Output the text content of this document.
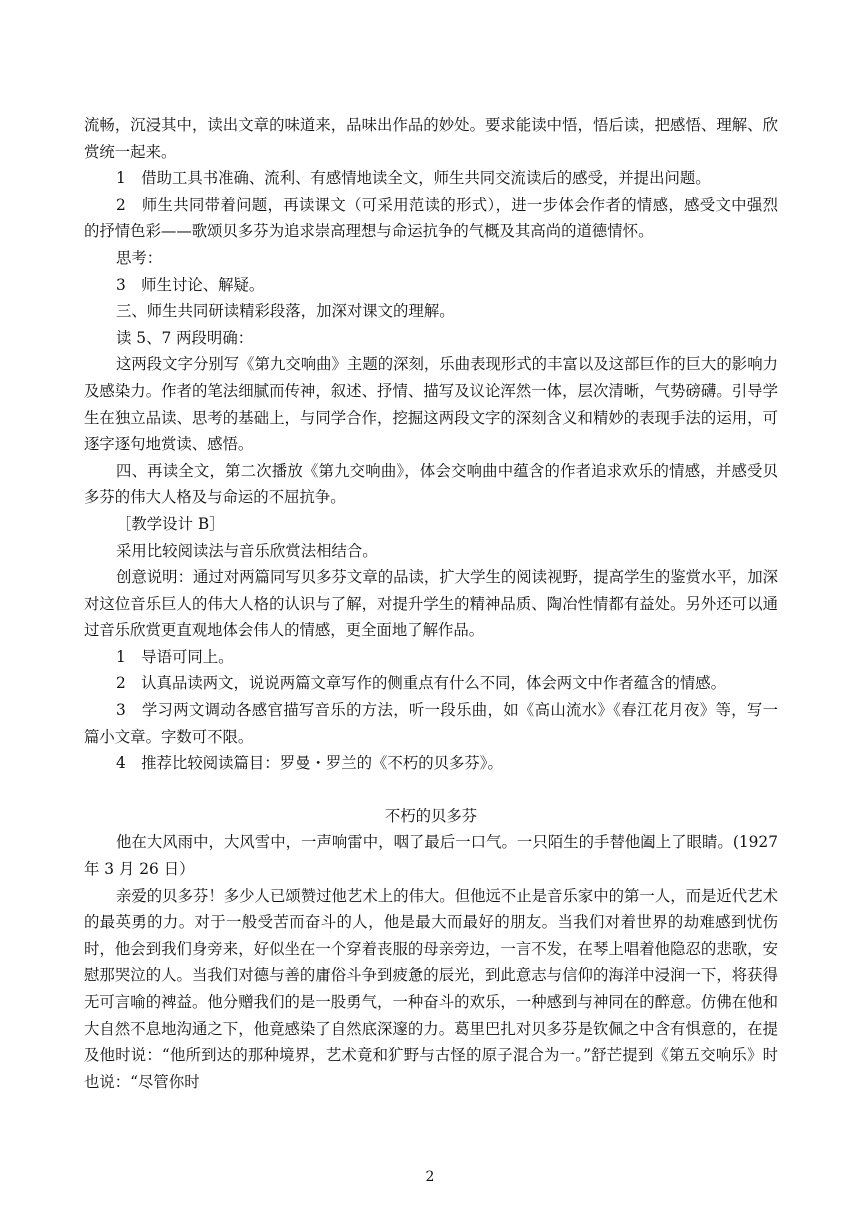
流畅，沉浸其中，读出文章的味道来，品味出作品的妙处。要求能读中悟，悟后读，把感悟、理解、欣赏统一起来。

1　借助工具书准确、流利、有感情地读全文，师生共同交流读后的感受，并提出问题。

2　师生共同带着问题，再读课文（可采用范读的形式），进一步体会作者的情感，感受文中强烈的抒情色彩——歌颂贝多芬为追求崇高理想与命运抗争的气概及其高尚的道德情怀。

思考：

3　师生讨论、解疑。

三、师生共同研读精彩段落，加深对课文的理解。

读 5、7 两段明确：

这两段文字分别写《第九交响曲》主题的深刻，乐曲表现形式的丰富以及这部巨作的巨大的影响力及感染力。作者的笔法细腻而传神，叙述、抒情、描写及议论浑然一体，层次清晰，气势磅礴。引导学生在独立品读、思考的基础上，与同学合作，挖掘这两段文字的深刻含义和精妙的表现手法的运用，可逐字逐句地赏读、感悟。

四、再读全文，第二次播放《第九交响曲》，体会交响曲中蕴含的作者追求欢乐的情感，并感受贝多芬的伟大人格及与命运的不屈抗争。

［教学设计 B］

采用比较阅读法与音乐欣赏法相结合。

创意说明：通过对两篇同写贝多芬文章的品读，扩大学生的阅读视野，提高学生的鉴赏水平，加深对这位音乐巨人的伟大人格的认识与了解，对提升学生的精神品质、陶冶性情都有益处。另外还可以通过音乐欣赏更直观地体会伟人的情感，更全面地了解作品。

1　导语可同上。

2　认真品读两文，说说两篇文章写作的侧重点有什么不同，体会两文中作者蕴含的情感。

3　学习两文调动各感官描写音乐的方法，听一段乐曲，如《高山流水》《春江花月夜》等，写一篇小文章。字数可不限。

4　推荐比较阅读篇目：罗曼・罗兰的《不朽的贝多芬》。

不朽的贝多芬

他在大风雨中，大风雪中，一声响雷中，咽了最后一口气。一只陌生的手替他阖上了眼睛。(1927 年 3 月 26 日）

亲爱的贝多芬！多少人已颂赞过他艺术上的伟大。但他远不止是音乐家中的第一人，而是近代艺术的最英勇的力。对于一般受苦而奋斗的人，他是最大而最好的朋友。当我们对着世界的劫难感到忧伤时，他会到我们身旁来，好似坐在一个穿着丧服的母亲旁边，一言不发，在琴上唱着他隐忍的悲歌，安慰那哭泣的人。当我们对德与善的庸俗斗争到疲惫的辰光，到此意志与信仰的海洋中浸润一下，将获得无可言喻的裨益。他分赠我们的是一股勇气，一种奋斗的欢乐，一种感到与神同在的醉意。仿佛在他和大自然不息地沟通之下，他竟感染了自然底深邃的力。葛里巴扎对贝多芬是钦佩之中含有惧意的，在提及他时说：“他所到达的那种境界，艺术竟和犷野与古怪的原子混合为一。”舒芒提到《第五交响乐》时也说：“尽管你时

2
